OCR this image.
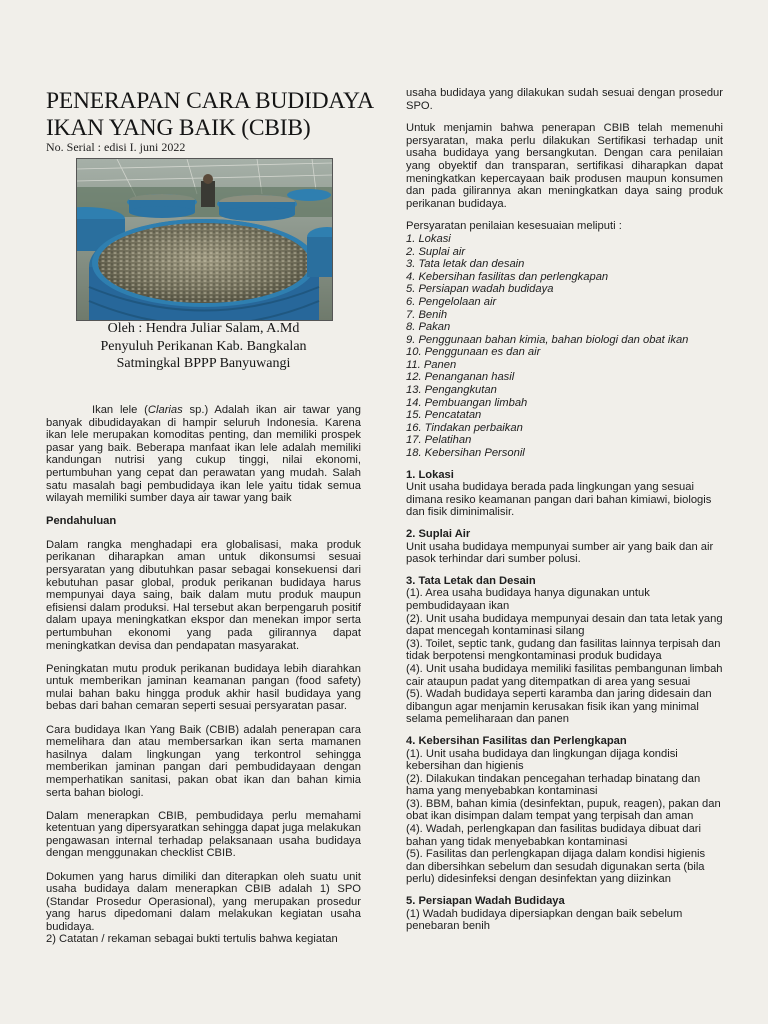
PENERAPAN CARA BUDIDAYA IKAN YANG BAIK (CBIB)
No. Serial : edisi I. juni 2022
Oleh : Hendra Juliar Salam, A.Md
Penyuluh Perikanan Kab. Bangkalan
Satmingkal BPPP Banyuwangi

Ikan lele (Clarias sp.) Adalah ikan air tawar yang banyak dibudidayakan di hampir seluruh Indonesia. Karena ikan lele merupakan komoditas penting, dan memiliki prospek pasar yang baik. Beberapa manfaat ikan lele adalah memiliki kandungan nutrisi yang cukup tinggi, nilai ekonomi, pertumbuhan yang cepat dan perawatan yang mudah. Salah satu masalah bagi pembudidaya ikan lele yaitu tidak semua wilayah memiliki sumber daya air tawar yang baik

Pendahuluan

Dalam rangka menghadapi era globalisasi, maka produk perikanan diharapkan aman untuk dikonsumsi sesuai persyaratan yang dibutuhkan pasar sebagai konsekuensi dari kebutuhan pasar global, produk perikanan budidaya harus mempunyai daya saing, baik dalam mutu produk maupun efisiensi dalam produksi. Hal tersebut akan berpengaruh positif dalam upaya meningkatkan ekspor dan menekan impor serta pertumbuhan ekonomi yang pada gilirannya dapat meningkatkan devisa dan pendapatan masyarakat.

Peningkatan mutu produk perikanan budidaya lebih diarahkan untuk memberikan jaminan keamanan pangan (food safety) mulai bahan baku hingga produk akhir hasil budidaya yang bebas dari bahan cemaran seperti sesuai persyaratan pasar.

Cara budidaya Ikan Yang Baik (CBIB) adalah penerapan cara memelihara dan atau membersarkan ikan serta mamanen hasilnya dalam lingkungan yang terkontrol sehingga memberikan jaminan pangan dari pembudidayaan dengan memperhatikan sanitasi, pakan obat ikan dan bahan kimia serta bahan biologi.

Dalam menerapkan CBIB, pembudidaya perlu memahami ketentuan yang dipersyaratkan sehingga dapat juga melakukan pengawasan internal terhadap pelaksanaan usaha budidaya dengan menggunakan checklist CBIB.

Dokumen yang harus dimiliki dan diterapkan oleh suatu unit usaha budidaya dalam menerapkan CBIB adalah 1) SPO (Standar Prosedur Operasional), yang merupakan prosedur yang harus dipedomani dalam melakukan kegiatan usaha budidaya.
2) Catatan / rekaman sebagai bukti tertulis bahwa kegiatan

usaha budidaya yang dilakukan sudah sesuai dengan prosedur SPO.

Untuk menjamin bahwa penerapan CBIB telah memenuhi persyaratan, maka perlu dilakukan Sertifikasi terhadap unit usaha budidaya yang bersangkutan. Dengan cara penilaian yang obyektif dan transparan, sertifikasi diharapkan dapat meningkatkan kepercayaan baik produsen maupun konsumen dan pada gilirannya akan meningkatkan daya saing produk perikanan budidaya.

Persyaratan penilaian kesesuaian meliputi :

1. Lokasi
2. Suplai air
3. Tata letak dan desain
4. Kebersihan fasilitas dan perlengkapan
5. Persiapan wadah budidaya
6. Pengelolaan air
7. Benih
8. Pakan
9. Penggunaan bahan kimia, bahan biologi dan obat ikan
10. Penggunaan es dan air
11. Panen
12. Penanganan hasil
13. Pengangkutan
14. Pembuangan limbah
15. Pencatatan
16. Tindakan perbaikan
17. Pelatihan
18. Kebersihan Personil
1. Lokasi

Unit usaha budidaya berada pada lingkungan yang sesuai dimana resiko keamanan pangan dari bahan kimiawi, biologis dan fisik diminimalisir.

2. Suplai Air

Unit usaha budidaya mempunyai sumber air yang baik dan air pasok terhindar dari sumber polusi.

3. Tata Letak dan Desain
(1). Area usaha budidaya hanya digunakan untuk pembudidayaan ikan
(2). Unit usaha budidaya mempunyai desain dan tata letak yang dapat mencegah kontaminasi silang
(3). Toilet, septic tank, gudang dan fasilitas lainnya terpisah dan tidak berpotensi mengkontaminasi produk budidaya
(4). Unit usaha budidaya memiliki fasilitas pembangunan limbah cair ataupun padat yang ditempatkan di area yang sesuai
(5). Wadah budidaya seperti karamba dan jaring didesain dan dibangun agar menjamin kerusakan fisik ikan yang minimal selama pemeliharaan dan panen
4. Kebersihan Fasilitas dan Perlengkapan
(1). Unit usaha budidaya dan lingkungan dijaga kondisi kebersihan dan higienis
(2). Dilakukan tindakan pencegahan terhadap binatang dan hama yang menyebabkan kontaminasi
(3). BBM, bahan kimia (desinfektan, pupuk, reagen), pakan dan obat ikan disimpan dalam tempat yang terpisah dan aman
(4). Wadah, perlengkapan dan fasilitas budidaya dibuat dari bahan yang tidak menyebabkan kontaminasi
(5). Fasilitas dan perlengkapan dijaga dalam kondisi higienis dan dibersihkan sebelum dan sesudah digunakan serta (bila perlu) didesinfeksi dengan desinfektan yang diizinkan
5. Persiapan Wadah Budidaya

(1) Wadah budidaya dipersiapkan dengan baik sebelum penebaran benih
